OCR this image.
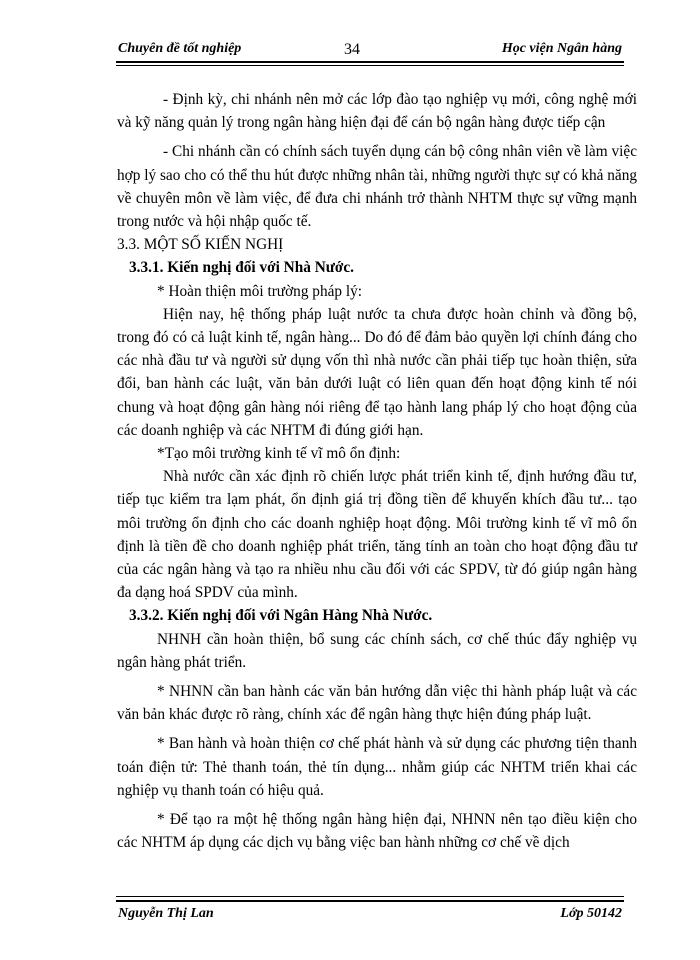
Chuyên đề tốt nghiệp	34	Học viện Ngân hàng

- Định kỳ, chi nhánh nên mở các lớp đào tạo nghiệp vụ mới, công nghệ mới và kỹ năng quản lý trong ngân hàng hiện đại để cán bộ ngân hàng được tiếp cận

- Chi nhánh cần có chính sách tuyển dụng cán bộ công nhân viên về làm việc hợp lý sao cho có thể thu hút được những nhân tài, những người thực sự có khả năng về chuyên môn về làm việc, để đưa chi nhánh trở thành NHTM thực sự vững mạnh trong nước và hội nhập quốc tế.

3.3. MỘT SỐ KIẾN NGHỊ

3.3.1. Kiến nghị đối với Nhà Nước.

* Hoàn thiện môi trường pháp lý:

Hiện nay, hệ thống pháp luật nước ta chưa được hoàn chỉnh và đồng bộ, trong đó có cả luật kinh tế, ngân hàng... Do đó để đảm bảo quyền lợi chính đáng cho các nhà đầu tư và người sử dụng vốn thì nhà nước cần phải tiếp tục hoàn thiện, sửa đổi, ban hành các luật, văn bản dưới luật có liên quan đến hoạt động kinh tế nói chung và hoạt động gân hàng nói riêng để tạo hành lang pháp lý cho hoạt động của các doanh nghiệp và các NHTM đi đúng giới hạn.

*Tạo môi trường kinh tế vĩ mô ổn định:

Nhà nước cần xác định rõ chiến lược phát triển kinh tế, định hướng đầu tư, tiếp tục kiểm tra lạm phát, ổn định giá trị đồng tiền để khuyến khích đầu tư... tạo môi trường ổn định cho các doanh nghiệp hoạt động. Môi trường kinh tế vĩ mô ổn định là tiền đề cho doanh nghiệp phát triển, tăng tính an toàn cho hoạt động đầu tư của các ngân hàng và tạo ra nhiều nhu cầu đối với các SPDV, từ đó giúp ngân hàng đa dạng hoá SPDV của mình.

3.3.2. Kiến nghị đối với Ngân Hàng Nhà Nước.

NHNH cần hoàn thiện, bổ sung các chính sách, cơ chế thúc đẩy nghiệp vụ ngân hàng phát triển.

* NHNN cần ban hành các văn bản hướng dẫn việc thi hành pháp luật và các văn bản khác được rõ ràng, chính xác để ngân hàng thực hiện đúng pháp luật.

* Ban hành và hoàn thiện cơ chế phát hành và sử dụng các phương tiện thanh toán điện tử: Thẻ thanh toán, thẻ tín dụng... nhằm giúp các NHTM triển khai các nghiệp vụ thanh toán có hiệu quả.

* Để tạo ra một hệ thống ngân hàng hiện đại, NHNN nên tạo điều kiện cho các NHTM áp dụng các dịch vụ bằng việc ban hành những cơ chế về dịch

Nguyễn Thị Lan	Lớp 50142
